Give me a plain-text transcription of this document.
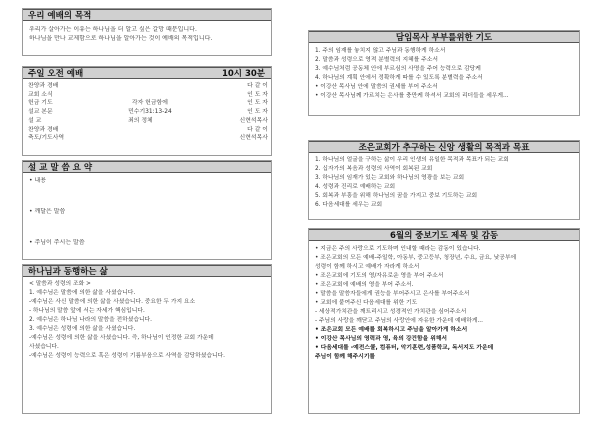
우리 예배의 목적
우리가 살아가는 이유는 하나님을 더 알고 싶은 갈망 때문입니다.
하나님을 만나 교제함으로 하나님을 알아가는 것이 예배의 목적입니다.
주일 오전 예배	10시 30분
찬양과 경배	다 같 이
교회 소식	인 도 자
헌금 기도	각자 헌금함에	인 도 자
설교 본문	민수기31:13-24	인 도 자
설 교	죄의 정체	신현석목사
찬양과 경배	다 같 이
축도/기도사역	신현석목사
설 교 말 씀 요 약
• 내용
• 깨달은 말씀
• 주님이 주시는 말씀
하나님과 동행하는 삶
< 말씀과 성령의 조화 >
1. 예수님은 말씀에 의한 삶을 사셨습니다.
-예수님은 사신 말씀에 의한 삶을 사셨습니다. 중요한 두 가지 요소
- 하나님의 말씀 앞에 서는 자세가 핵심입니다.
2. 예수님은 하나님 나라의 말씀을 전하셨습니다.
3. 예수님은 성령에 의한 삶을 사셨습니다.
-예수님은 성령에 의한 삶을 사셨습니다. 즉, 하나님이 인정한 교회 가운데
사셨습니다.
-예수님은 성령이 능력으로 혹은 성령이 기름부음으로 사역을 감당하셨습니다.
담임목사 부부를위한 기도
1. 주의 임재를 놓치지 않고 주님과 동행하게 하소서
2. 말씀과 성령으로 영적 분별력의 지혜를 주소서
3. 예수님처럼 공동체 안에 부르심의 사명을 주어 능력으로 감당케
4. 하나님의 계획 안에서 정확하게 따를 수 있도록 분별력을 주소서
• 이강산 목사님 안에 말씀의 권세를 부어 주소서
• 이강산 목사님께 가르치는 은사를 충만케 하셔서 교회의 리더들을 세우게...
조은교회가 추구하는 신앙 생활의 목적과 목표
1. 하나님의 얼굴을 구하는 삶이 우리 인생의 유일한 목적과 목표가 되는 교회
2. 십자가의 복음과 성령의 사역이 회복된 교회
3. 하나님의 임재가 있는 교회와 하나님의 영광을 보는 교회
4. 성령과 진리로 예배하는 교회
5. 회복과 부흥을 위해 하나님의 꿈을 가지고 중보 기도하는 교회
6. 다음세대를 세우는 교회
6월의 중보기도 제목 및 감동
• 지금은 주의 사랑으로 기도하며 인내할 때라는 감동이 있습니다.
• 조은교회의 모든 예배-주일학, 아동부, 중고등부, 청장년, 수요, 금요, 낮공부에
성령이 함께 하시고 예배가 자라게 하소서
• 조은교회에 기도의 영/자유로운 영을 부어 주소서
• 조은교회에 예배의 영을 부어 주소서.
• 말씀을 말씀자들에게 권능을 부어주시고 은사를 부어주소서
• 교회에 붙여주신 다음세대를 위한 기도
- 세상적가치관을 깨트리시고 성경적인 가치관을 심어주소서
- 주님의 사랑을 깨닫고 주님의 사랑안에 자유한 가운데 예배하게...
• 조은교회 모든 예배를 회복하시고 주님을 알아가게 하소서
• 이강산 목사님의 영력과 영, 육의 강건함을 위해서
• 다음세대를 -예전스쿨, 컴퓨터, 악기훈련,성품학교, 독서지도 가운데
주님이 함께 해주시기를
